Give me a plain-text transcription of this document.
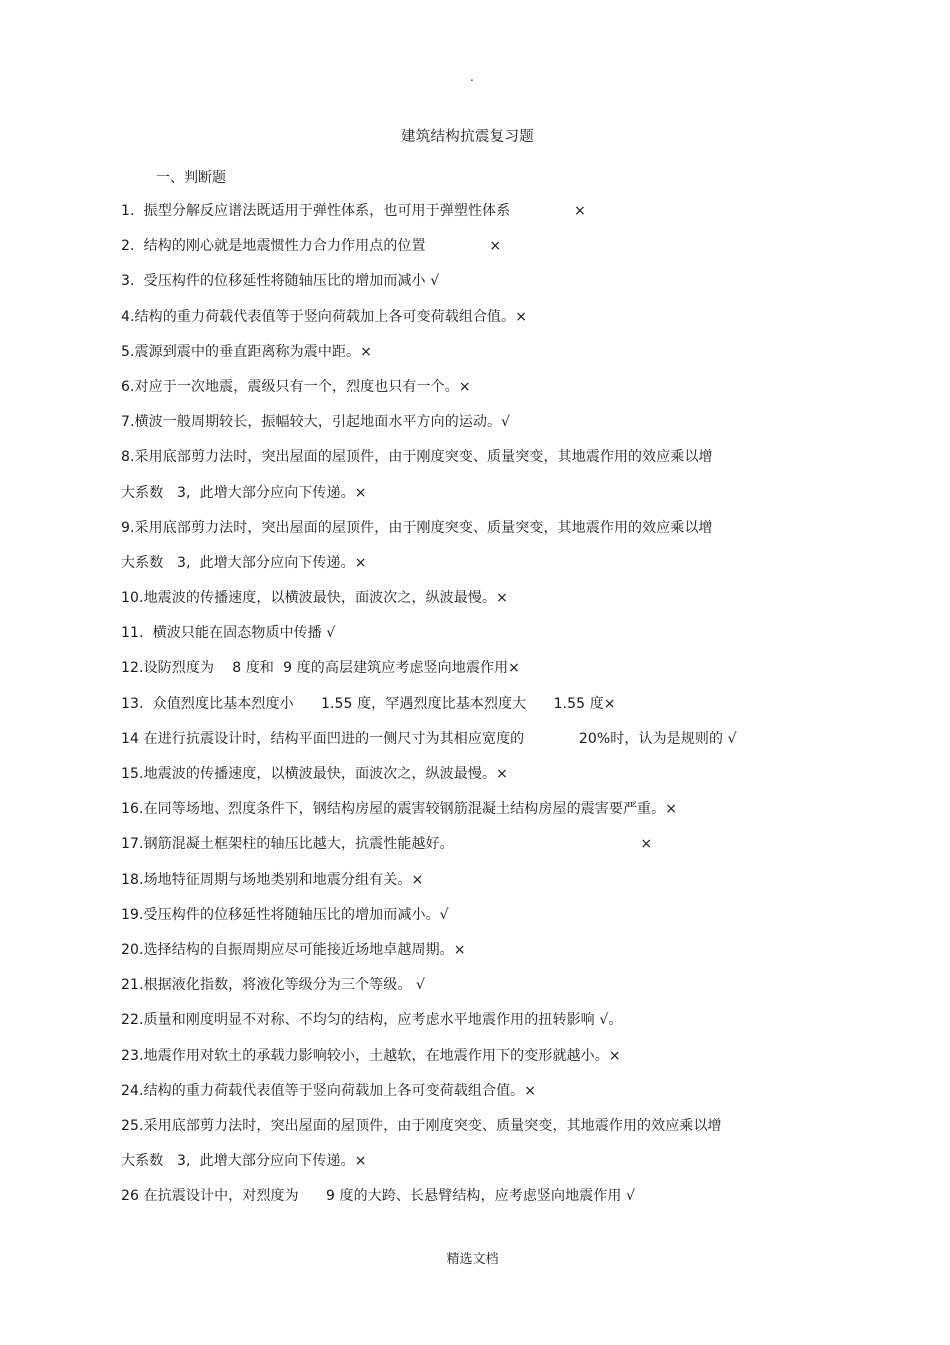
.
建筑结构抗震复习题
一、判断题
1.  振型分解反应谱法既适用于弹性体系，也可用于弹塑性体系              ×
2.  结构的刚心就是地震惯性力合力作用点的位置              ×
3.  受压构件的位移延性将随轴压比的增加而减小 √
4.结构的重力荷载代表值等于竖向荷载加上各可变荷载组合值。×
5.震源到震中的垂直距离称为震中距。×
6.对应于一次地震，震级只有一个，烈度也只有一个。×
7.横波一般周期较长，振幅较大，引起地面水平方向的运动。√
8.采用底部剪力法时，突出屋面的屋顶件，由于刚度突变、质量突变，其地震作用的效应乘以增
大系数   3,  此增大部分应向下传递。×
9.采用底部剪力法时，突出屋面的屋顶件，由于刚度突变、质量突变，其地震作用的效应乘以增
大系数   3,  此增大部分应向下传递。×
10.地震波的传播速度，以横波最快，面波次之，纵波最慢。×
11.  横波只能在固态物质中传播 √
12.设防烈度为    8 度和  9 度的高层建筑应考虑竖向地震作用×
13.  众值烈度比基本烈度小      1.55 度，罕遇烈度比基本烈度大      1.55 度×
14 在进行抗震设计时，结构平面凹进的一侧尺寸为其相应宽度的            20%时，认为是规则的 √
15.地震波的传播速度，以横波最快，面波次之，纵波最慢。×
16.在同等场地、烈度条件下，钢结构房屋的震害较钢筋混凝土结构房屋的震害要严重。×
17.钢筋混凝土框架柱的轴压比越大，抗震性能越好。                                         ×
18.场地特征周期与场地类别和地震分组有关。×
19.受压构件的位移延性将随轴压比的增加而减小。√
20.选择结构的自振周期应尽可能接近场地卓越周期。×
21.根据液化指数，将液化等级分为三个等级。 √
22.质量和刚度明显不对称、不均匀的结构，应考虑水平地震作用的扭转影响 √。
23.地震作用对软土的承载力影响较小，土越软，在地震作用下的变形就越小。×
24.结构的重力荷载代表值等于竖向荷载加上各可变荷载组合值。×
25.采用底部剪力法时，突出屋面的屋顶件，由于刚度突变、质量突变，其地震作用的效应乘以增
大系数   3,  此增大部分应向下传递。×
26 在抗震设计中，对烈度为      9 度的大跨、长悬臂结构，应考虑竖向地震作用 √
精选文档
